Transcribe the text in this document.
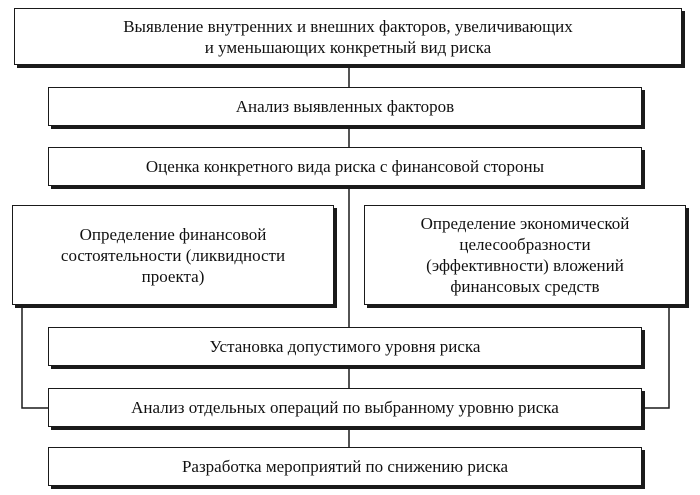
Выявление внутренних и внешних факторов, увеличивающих
и уменьшающих конкретный вид риска
Анализ выявленных факторов
Оценка конкретного вида риска с финансовой стороны
Определение финансовой
состоятельности (ликвидности
проекта)
Определение экономической
целесообразности
(эффективности) вложений
финансовых средств
Установка допустимого уровня риска
Анализ отдельных операций по выбранному уровню риска
Разработка мероприятий по снижению риска
